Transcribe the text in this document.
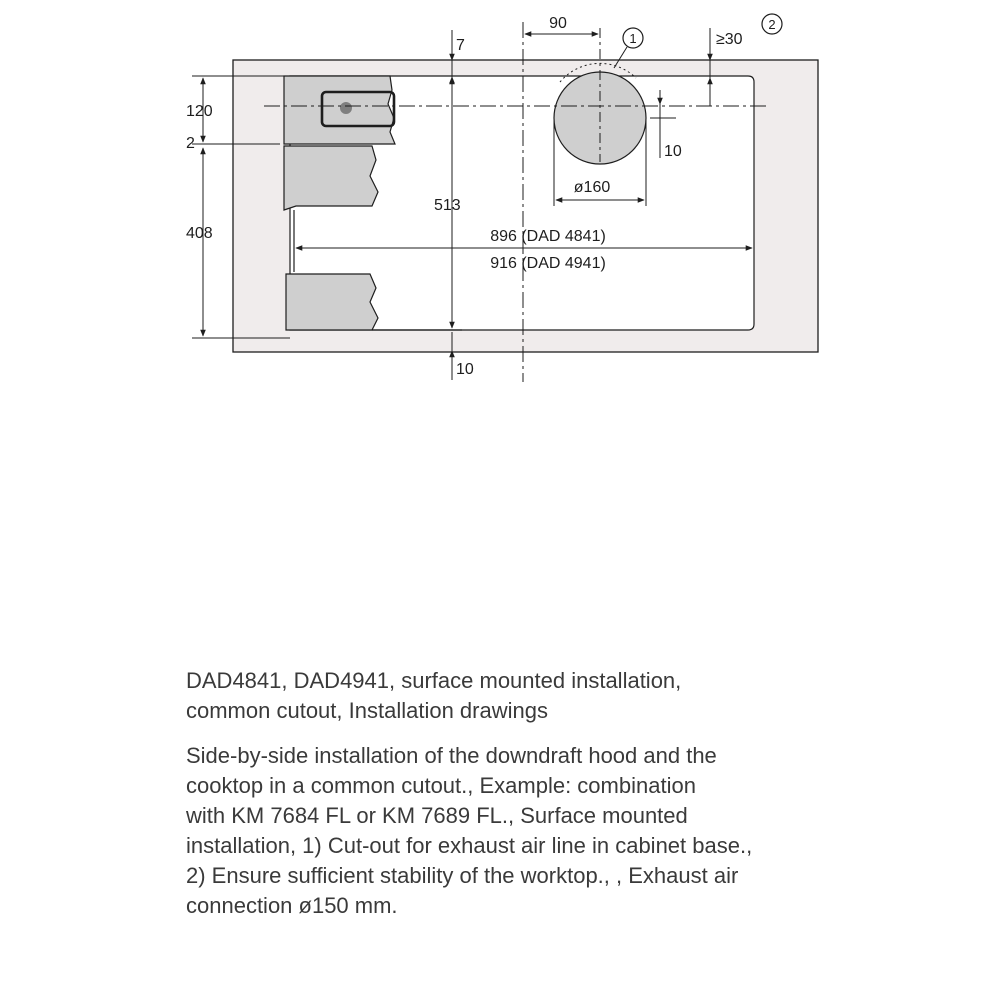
90
7	≥30
1
2
120
2
408
513
10
10
ø160
896 (DAD 4841)
916 (DAD 4941)
DAD4841, DAD4941, surface mounted installation,
common cutout, Installation drawings
Side-by-side installation of the downdraft hood and the
cooktop in a common cutout., Example: combination
with KM 7684 FL or KM 7689 FL., Surface mounted
installation, 1) Cut-out for exhaust air line in cabinet base.,
2) Ensure sufficient stability of the worktop., , Exhaust air
connection ø150 mm.
